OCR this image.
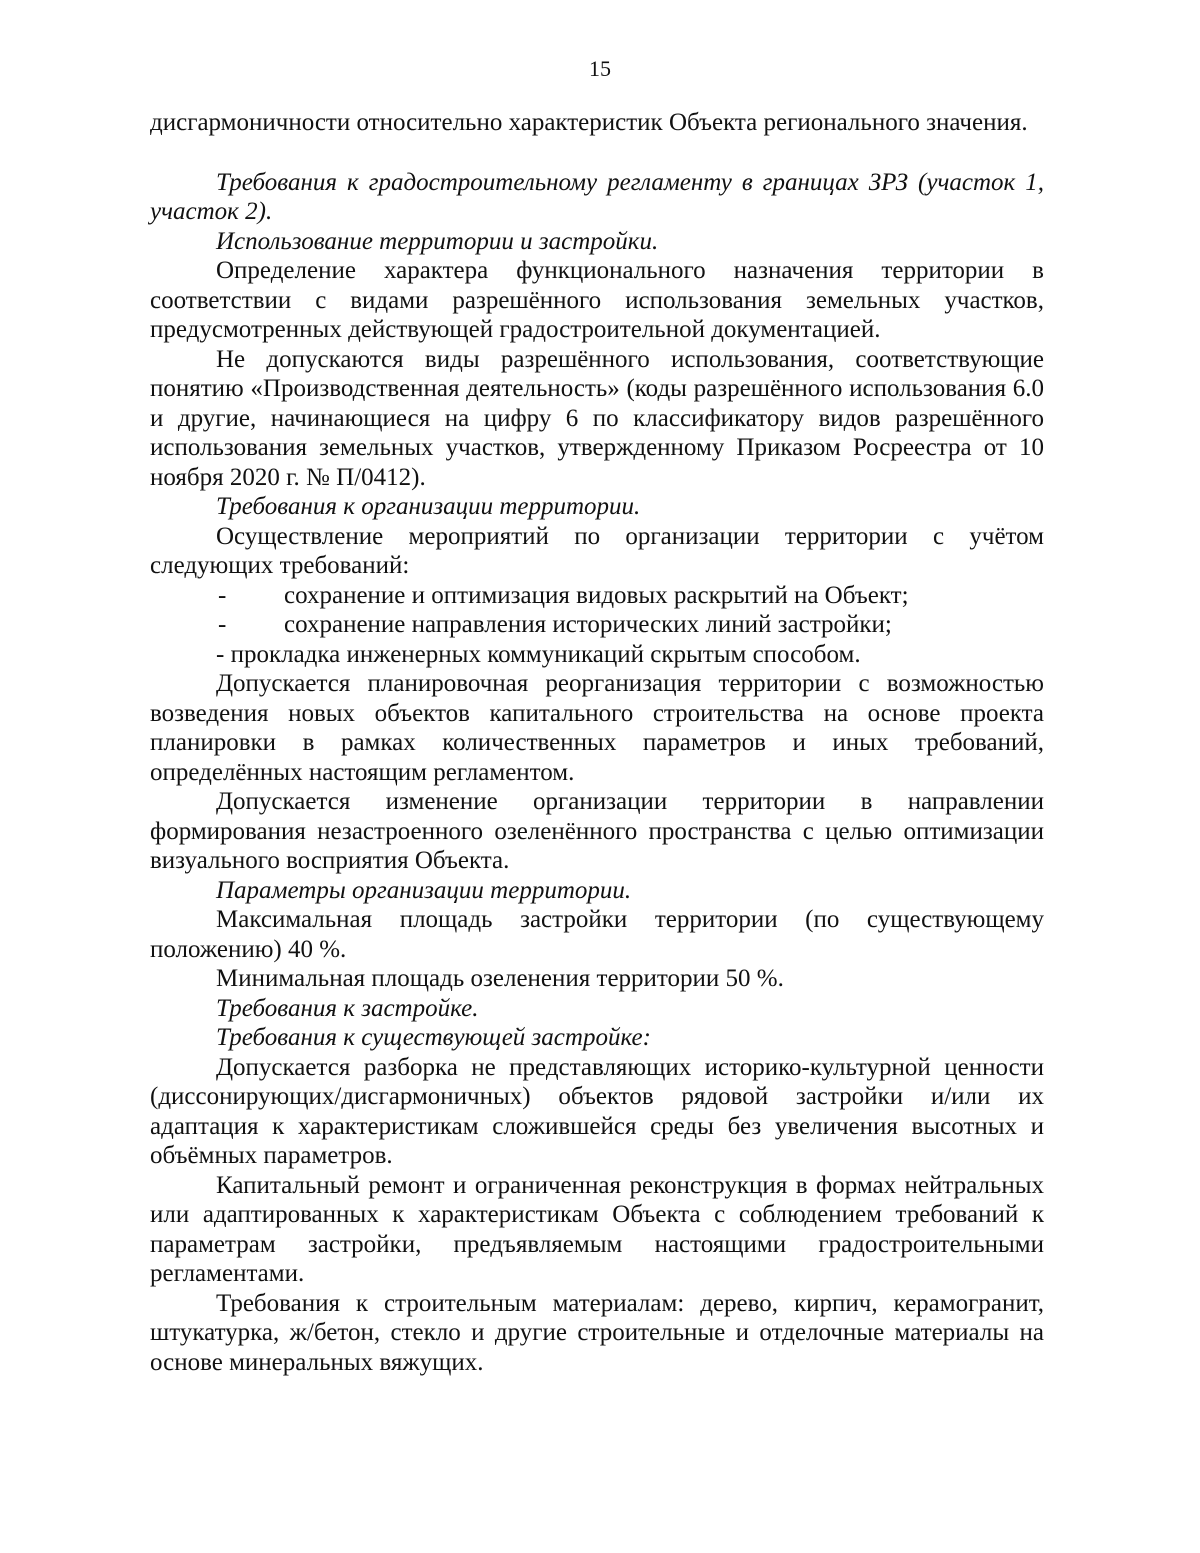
15

дисгармоничности относительно характеристик Объекта регионального значения.

Требования к градостроительному регламенту в границах ЗРЗ (участок 1, участок 2).

Использование территории и застройки.

Определение характера функционального назначения территории в соответствии с видами разрешённого использования земельных участков, предусмотренных действующей градостроительной документацией.

Не допускаются виды разрешённого использования, соответствующие понятию «Производственная деятельность» (коды разрешённого использования 6.0 и другие, начинающиеся на цифру 6 по классификатору видов разрешённого использования земельных участков, утвержденному Приказом Росреестра от 10 ноября 2020 г. № П/0412).

Требования к организации территории.

Осуществление мероприятий по организации территории с учётом следующих требований:

-	сохранение и оптимизация видовых раскрытий на Объект;
-	сохранение направления исторических линий застройки;

- прокладка инженерных коммуникаций скрытым способом.

Допускается планировочная реорганизация территории с возможностью возведения новых объектов капитального строительства на основе проекта планировки в рамках количественных параметров и иных требований, определённых настоящим регламентом.

Допускается изменение организации территории в направлении формирования незастроенного озеленённого пространства с целью оптимизации визуального восприятия Объекта.

Параметры организации территории.

Максимальная площадь застройки территории (по существующему положению) 40 %.

Минимальная площадь озеленения территории 50 %.

Требования к застройке.

Требования к существующей застройке:

Допускается разборка не представляющих историко-культурной ценности (диссонирующих/дисгармоничных) объектов рядовой застройки и/или их адаптация к характеристикам сложившейся среды без увеличения высотных и объёмных параметров.

Капитальный ремонт и ограниченная реконструкция в формах нейтральных или адаптированных к характеристикам Объекта с соблюдением требований к параметрам застройки, предъявляемым настоящими градостроительными регламентами.

Требования к строительным материалам: дерево, кирпич, керамогранит, штукатурка, ж/бетон, стекло и другие строительные и отделочные материалы на основе минеральных вяжущих.
